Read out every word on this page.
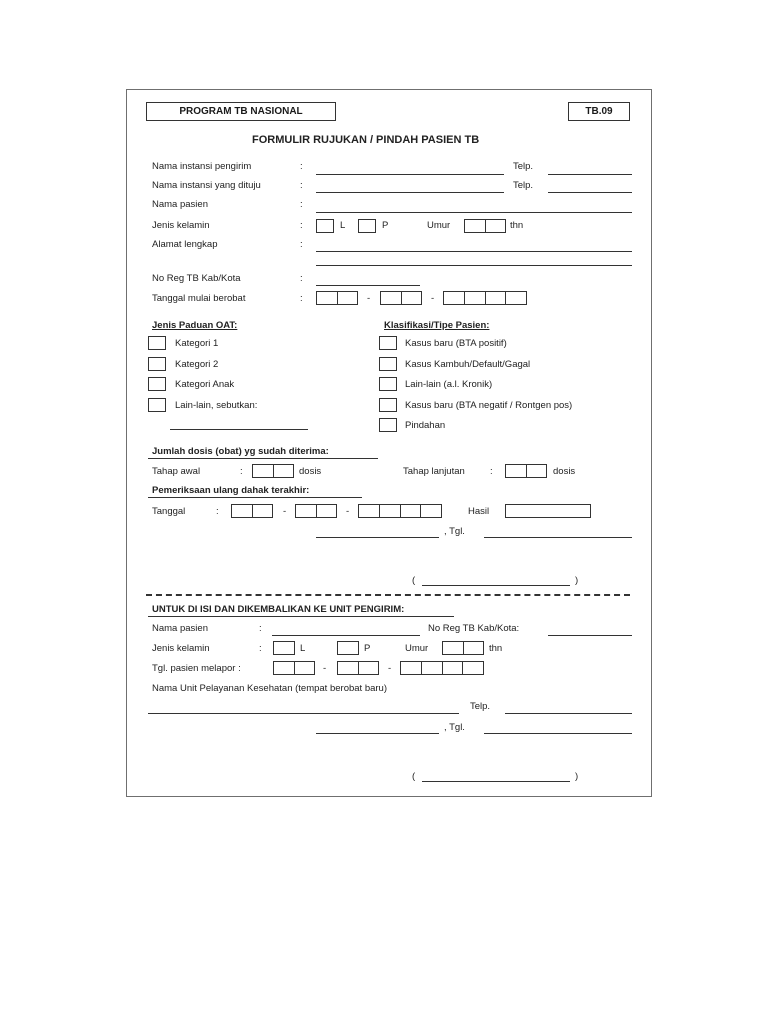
PROGRAM TB NASIONAL	TB.09
FORMULIR RUJUKAN / PINDAH PASIEN TB
Nama instansi pengirim	:	Telp.
Nama instansi yang dituju	:	Telp.
Nama pasien	:
Jenis kelamin	:	L	P	Umur	thn
Alamat lengkap	:
No Reg TB Kab/Kota	:
Tanggal mulai berobat	:	-	-
Jenis Paduan OAT:
Kategori 1
Kategori 2
Kategori Anak
Lain-lain, sebutkan:
Klasifikasi/Tipe Pasien:
Kasus baru (BTA positif)
Kasus Kambuh/Default/Gagal
Lain-lain (a.l. Kronik)
Kasus baru (BTA negatif / Rontgen pos)
Pindahan
Jumlah dosis (obat) yg sudah diterima:
Tahap awal	:	dosis	Tahap lanjutan	:	dosis
Pemeriksaan ulang dahak terakhir:
Tanggal	:	-	-	Hasil
, Tgl.
(	)
UNTUK DI ISI DAN DIKEMBALIKAN KE UNIT PENGIRIM:
Nama pasien	:	No Reg TB Kab/Kota:
Jenis kelamin	:	L	P	Umur	thn
Tgl. pasien melapor :	-	-
Nama Unit Pelayanan Kesehatan (tempat berobat baru)
Telp.
, Tgl.
(	)
